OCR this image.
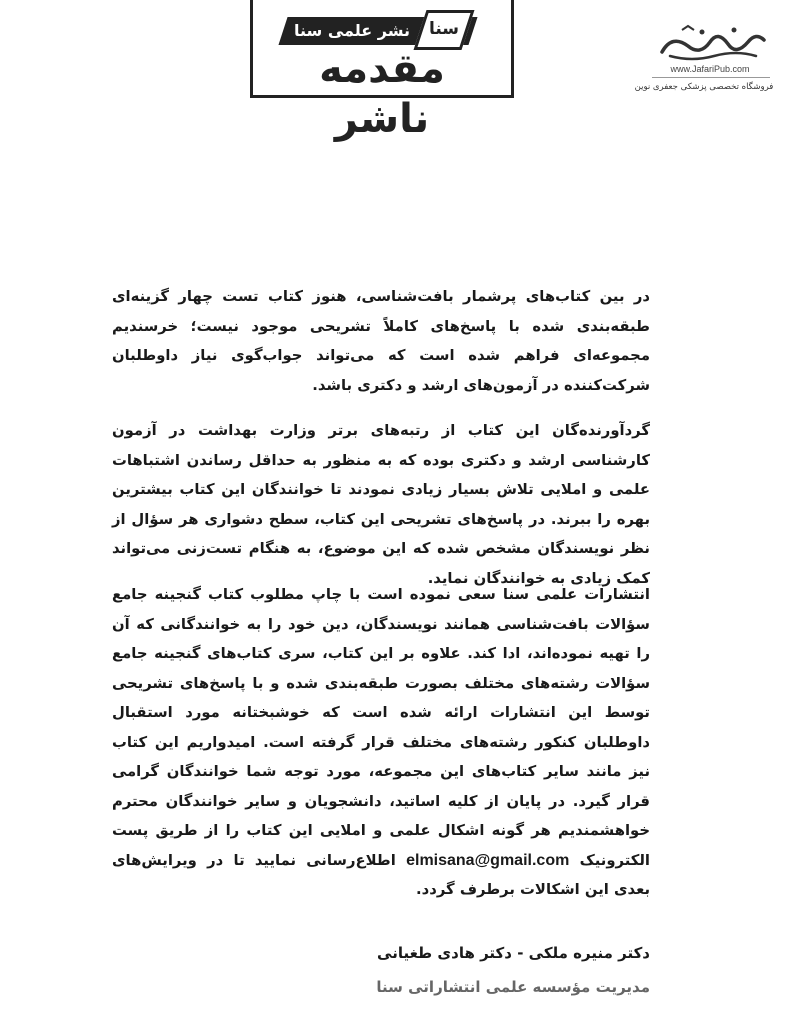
نشر علمی سنا سنا
مقدمه ناشر
www.JafariPub.com
فروشگاه تخصصی پزشکی جعفری نوین
در بین کتاب‌های پرشمار بافت‌شناسی، هنوز کتاب تست چهار گزینه‌ای طبقه‌بندی شده با پاسخ‌های کاملاً تشریحی موجود نیست؛ خرسندیم مجموعه‌ای فراهم شده است که می‌تواند جواب‌گوی نیاز داوطلبان شرکت‌کننده در آزمون‌های ارشد و دکتری باشد.
گردآورنده‌گان این کتاب از رتبه‌های برتر وزارت بهداشت در آزمون کارشناسی ارشد و دکتری بوده که به منظور به حداقل رساندن اشتباهات علمی و املایی تلاش بسیار زیادی نمودند تا خوانندگان این کتاب بیشترین بهره را ببرند. در پاسخ‌های تشریحی این کتاب، سطح دشواری هر سؤال از نظر نویسندگان مشخص شده که این موضوع، به هنگام تست‌زنی می‌تواند کمک زیادی به خوانندگان نماید.
انتشارات علمی سنا سعی نموده است با چاپ مطلوب کتاب گنجینه جامع سؤالات بافت‌شناسی همانند نویسندگان، دین خود را به خوانندگانی که آن را تهیه نموده‌اند، ادا کند. علاوه بر این کتاب، سری کتاب‌های گنجینه جامع سؤالات رشته‌های مختلف بصورت طبقه‌بندی شده و با پاسخ‌های تشریحی توسط این انتشارات ارائه شده است که خوشبختانه مورد استقبال داوطلبان کنکور رشته‌های مختلف قرار گرفته است. امیدواریم این کتاب نیز مانند سایر کتاب‌های این مجموعه، مورد توجه شما خوانندگان گرامی قرار گیرد. در پایان از کلیه اساتید، دانشجویان و سایر خوانندگان محترم خواهشمندیم هر گونه اشکال علمی و املایی این کتاب را از طریق پست الکترونیک elmisana@gmail.com اطلاع‌رسانی نمایید تا در ویرایش‌های بعدی این اشکالات برطرف گردد.
دکتر منیره ملکی - دکتر هادی طغیانی
مدیریت مؤسسه علمی انتشاراتی سنا
